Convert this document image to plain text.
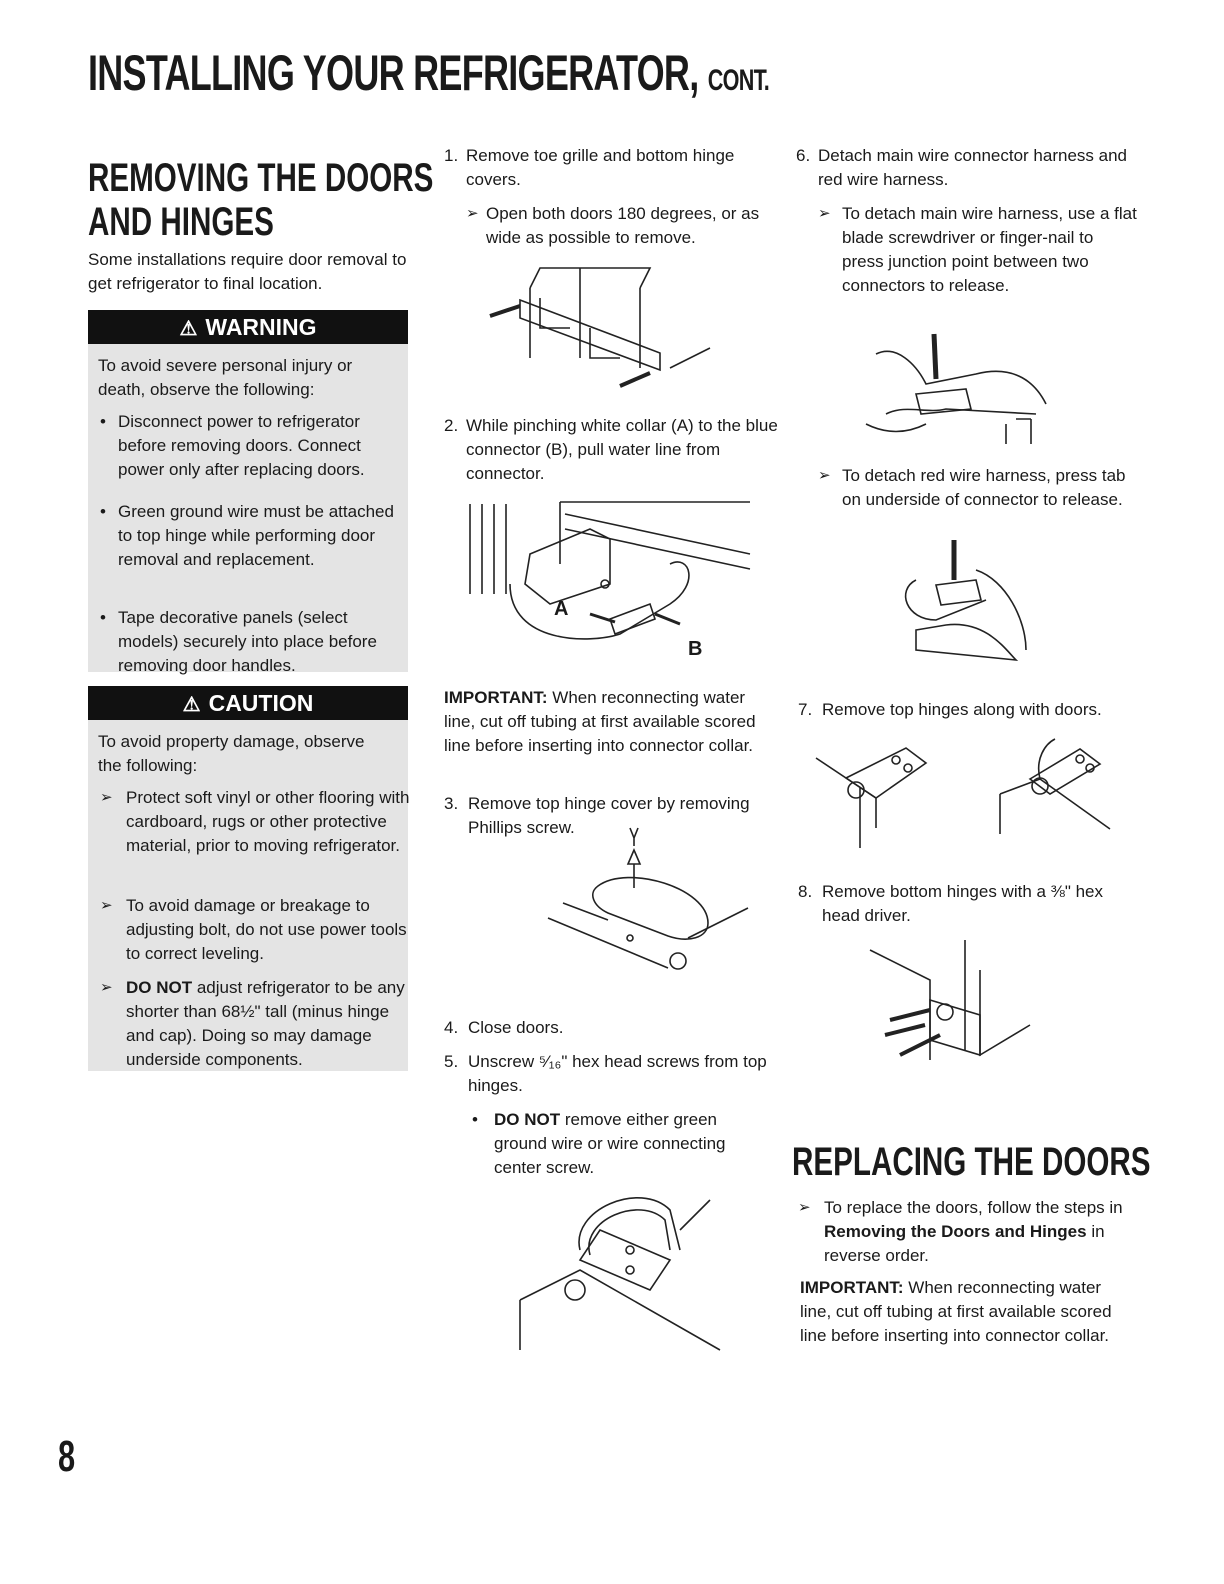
INSTALLING YOUR REFRIGERATOR, CONT.
REMOVING THE DOORS
AND HINGES

Some installations require door removal to get refrigerator to final location.

⚠ WARNING

To avoid severe personal injury or death, observe the following:

• Disconnect power to refrigerator before removing doors. Connect power only after replacing doors.
• Green ground wire must be attached to top hinge while performing door removal and replacement.
• Tape decorative panels (select models) securely into place before removing door handles.
⚠ CAUTION

To avoid property damage, observe the following:

➢ Protect soft vinyl or other flooring with cardboard, rugs or other protective material, prior to moving refrigerator.
➢ To avoid damage or breakage to adjusting bolt, do not use power tools to correct leveling.
➢ DO NOT adjust refrigerator to be any shorter than 68½" tall (minus hinge and cap). Doing so may damage underside components.
1. Remove toe grille and bottom hinge covers.
➢ Open both doors 180 degrees, or as wide as possible to remove.
2. While pinching white collar (A) to the blue connector (B), pull water line from connector.
A
B

IMPORTANT: When reconnecting water line, cut off tubing at first available scored line before inserting into connector collar.

3. Remove top hinge cover by removing Phillips screw.
4. Close doors.
5. Unscrew ⁵⁄₁₆" hex head screws from top hinges.
• DO NOT remove either green ground wire or wire connecting center screw.
6. Detach main wire connector harness and red wire harness.
➢ To detach main wire harness, use a flat blade screwdriver or finger-nail to press junction point between two connectors to release.
➢ To detach red wire harness, press tab on underside of connector to release.
7. Remove top hinges along with doors.
8. Remove bottom hinges with a ⅜" hex head driver.
REPLACING THE DOORS
➢ To replace the doors, follow the steps in Removing the Doors and Hinges in reverse order.

IMPORTANT: When reconnecting water line, cut off tubing at first available scored line before inserting into connector collar.

8
